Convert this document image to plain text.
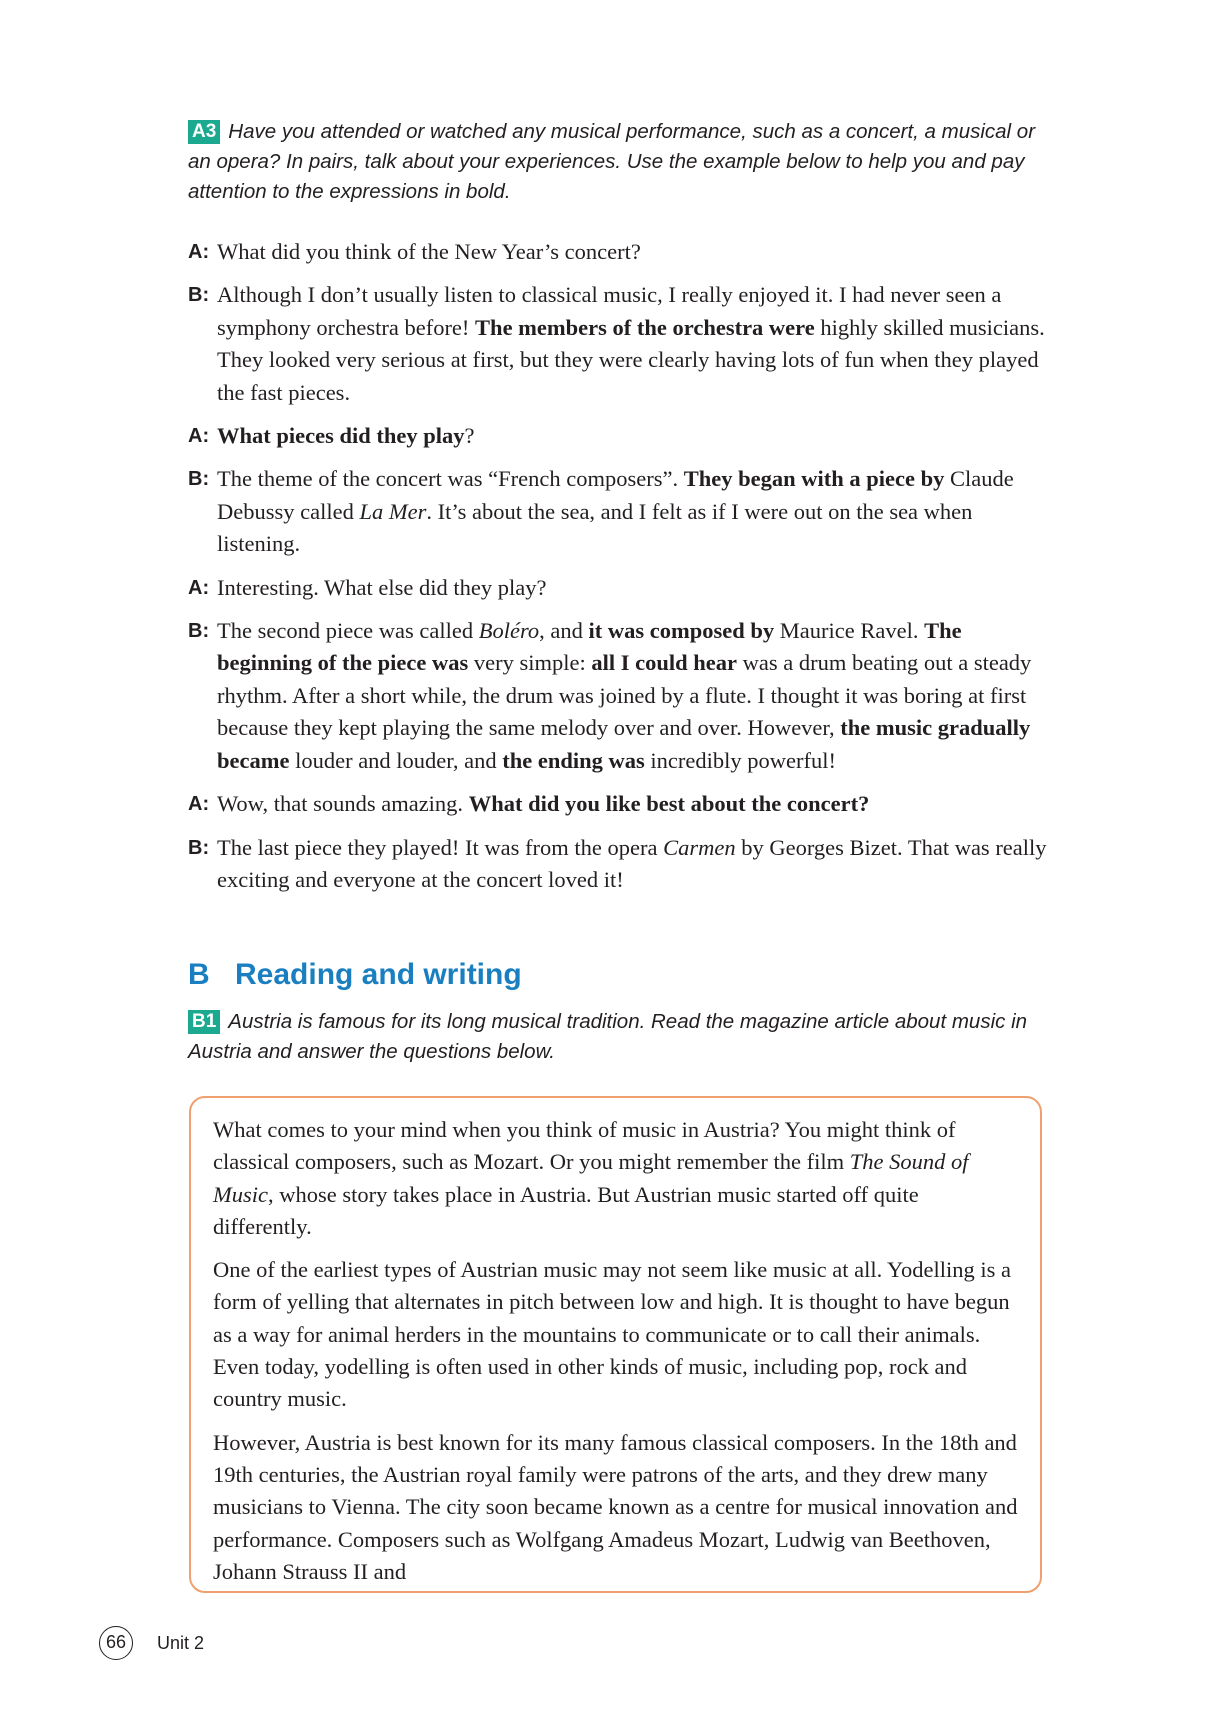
A3 Have you attended or watched any musical performance, such as a concert, a musical or an opera? In pairs, talk about your experiences. Use the example below to help you and pay attention to the expressions in bold.
A: What did you think of the New Year’s concert?
B: Although I don’t usually listen to classical music, I really enjoyed it. I had never seen a symphony orchestra before! The members of the orchestra were highly skilled musicians. They looked very serious at first, but they were clearly having lots of fun when they played the fast pieces.
A: What pieces did they play?
B: The theme of the concert was “French composers”. They began with a piece by Claude Debussy called La Mer. It’s about the sea, and I felt as if I were out on the sea when listening.
A: Interesting. What else did they play?
B: The second piece was called Boléro, and it was composed by Maurice Ravel. The beginning of the piece was very simple: all I could hear was a drum beating out a steady rhythm. After a short while, the drum was joined by a flute. I thought it was boring at first because they kept playing the same melody over and over. However, the music gradually became louder and louder, and the ending was incredibly powerful!
A: Wow, that sounds amazing. What did you like best about the concert?
B: The last piece they played! It was from the opera Carmen by Georges Bizet. That was really exciting and everyone at the concert loved it!
B Reading and writing
B1 Austria is famous for its long musical tradition. Read the magazine article about music in Austria and answer the questions below.

What comes to your mind when you think of music in Austria? You might think of classical composers, such as Mozart. Or you might remember the film The Sound of Music, whose story takes place in Austria. But Austrian music started off quite differently.

One of the earliest types of Austrian music may not seem like music at all. Yodelling is a form of yelling that alternates in pitch between low and high. It is thought to have begun as a way for animal herders in the mountains to communicate or to call their animals. Even today, yodelling is often used in other kinds of music, including pop, rock and country music.

However, Austria is best known for its many famous classical composers. In the 18th and 19th centuries, the Austrian royal family were patrons of the arts, and they drew many musicians to Vienna. The city soon became known as a centre for musical innovation and performance. Composers such as Wolfgang Amadeus Mozart, Ludwig van Beethoven, Johann Strauss II and

66	Unit 2
